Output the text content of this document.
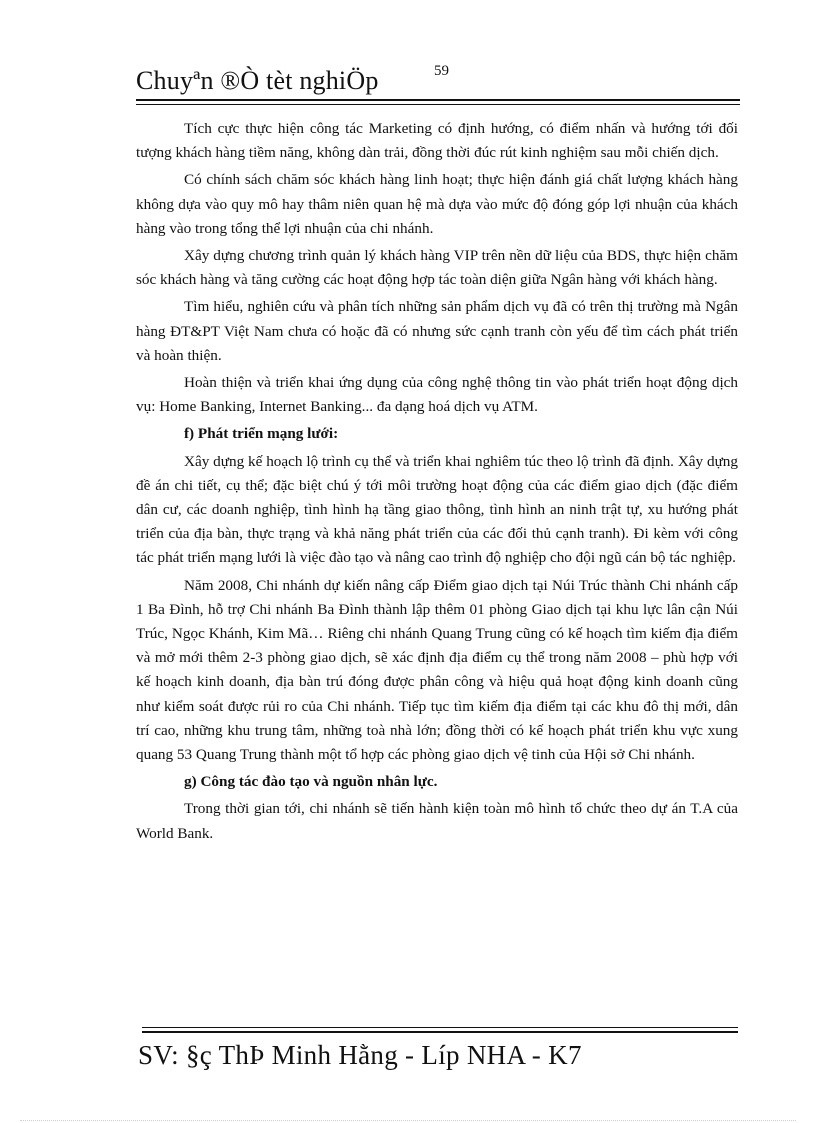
Chuyªn ®Ò tèt nghiÖp	59

Tích cực thực hiện công tác Marketing có định hướng, có điểm nhấn và hướng tới đối tượng khách hàng tiềm năng, không dàn trải, đồng thời đúc rút kinh nghiệm sau mỗi chiến dịch.

Có chính sách chăm sóc khách hàng linh hoạt; thực hiện đánh giá chất lượng khách hàng không dựa vào quy mô hay thâm niên quan hệ mà dựa vào mức độ đóng góp lợi nhuận của khách hàng vào trong tổng thể lợi nhuận của chi nhánh.

Xây dựng chương trình quản lý khách hàng VIP trên nền dữ liệu của BDS, thực hiện chăm sóc khách hàng và tăng cường các hoạt động hợp tác toàn diện giữa Ngân hàng với khách hàng.

Tìm hiểu, nghiên cứu và phân tích những sản phẩm dịch vụ đã có trên thị trường mà Ngân hàng ĐT&PT Việt Nam chưa có hoặc đã có nhưng sức cạnh tranh còn yếu để tìm cách phát triển và hoàn thiện.

Hoàn thiện và triển khai ứng dụng của công nghệ thông tin vào phát triển hoạt động dịch vụ: Home Banking, Internet Banking... đa dạng hoá dịch vụ ATM.

f) Phát triển mạng lưới:

Xây dựng kế hoạch lộ trình cụ thể và triển khai nghiêm túc theo lộ trình đã định. Xây dựng đề án chi tiết, cụ thể; đặc biệt chú ý tới môi trường hoạt động của các điểm giao dịch (đặc điểm dân cư, các doanh nghiệp, tình hình hạ tầng giao thông, tình hình an ninh trật tự, xu hướng phát triển của địa bàn, thực trạng và khả năng phát triển của các đối thủ cạnh tranh). Đi kèm với công tác phát triển mạng lưới là việc đào tạo và nâng cao trình độ nghiệp cho đội ngũ cán bộ tác nghiệp.

Năm 2008, Chi nhánh dự kiến nâng cấp Điểm giao dịch tại Núi Trúc thành Chi nhánh cấp 1 Ba Đình, hỗ trợ Chi nhánh Ba Đình thành lập thêm 01 phòng Giao dịch tại khu lực lân cận Núi Trúc, Ngọc Khánh, Kim Mã… Riêng chi nhánh Quang Trung cũng có kế hoạch tìm kiếm địa điểm và mở mới thêm 2-3 phòng giao dịch, sẽ xác định địa điểm cụ thể trong năm 2008 – phù hợp với kế hoạch kinh doanh, địa bàn trú đóng được phân công và hiệu quả hoạt động kinh doanh cũng như kiểm soát được rủi ro của Chi nhánh. Tiếp tục tìm kiếm địa điểm tại các khu đô thị mới, dân trí cao, những khu trung tâm, những toà nhà lớn; đồng thời có kế hoạch phát triển khu vực xung quang 53 Quang Trung thành một tổ hợp các phòng giao dịch vệ tinh của Hội sở Chi nhánh.

g) Công tác đào tạo và nguồn nhân lực.

Trong thời gian tới, chi nhánh sẽ tiến hành kiện toàn mô hình tổ chức theo dự án T.A của World Bank.

SV: §ç ThÞ Minh Hằng - Líp NHA - K7
